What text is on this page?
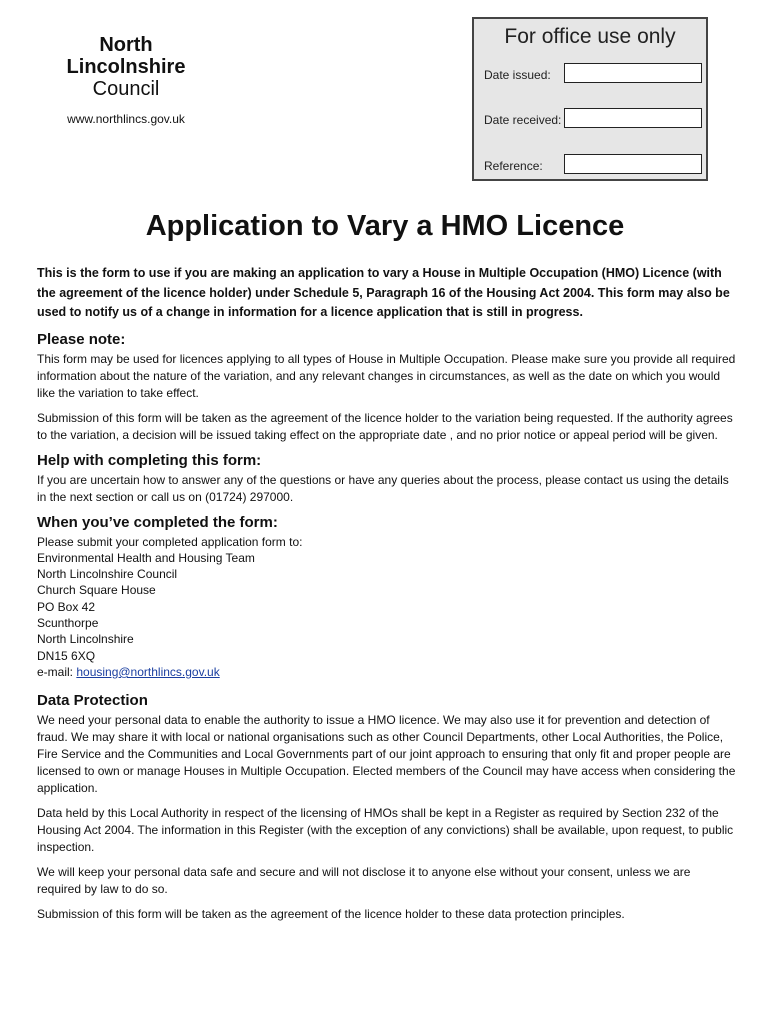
North
Lincolnshire
Council
www.northlincs.gov.uk
For office use only
Date issued:
Date received:
Reference:
Application to Vary a HMO Licence

This is the form to use if you are making an application to vary a House in Multiple Occupation (HMO) Licence (with the agreement of the licence holder) under Schedule 5, Paragraph 16 of the Housing Act 2004. This form may also be used to notify us of a change in information for a licence application that is still in progress.

Please note:

This form may be used for licences applying to all types of House in Multiple Occupation. Please make sure you provide all required information about the nature of the variation, and any relevant changes in circumstances, as well as the date on which you would like the variation to take effect.

Submission of this form will be taken as the agreement of the licence holder to the variation being requested. If the authority agrees to the variation, a decision will be issued taking effect on the appropriate date , and no prior notice or appeal period will be given.

Help with completing this form:

If you are uncertain how to answer any of the questions or have any queries about the process, please contact us using the details in the next section or call us on (01724) 297000.

When you’ve completed the form:
Please submit your completed application form to:
Environmental Health and Housing Team
North Lincolnshire Council
Church Square House
PO Box 42
Scunthorpe
North Lincolnshire
DN15 6XQ
e-mail: housing@northlincs.gov.uk
Data Protection

We need your personal data to enable the authority to issue a HMO licence. We may also use it for prevention and detection of fraud. We may share it with local or national organisations such as other Council Departments, other Local Authorities, the Police, Fire Service and the Communities and Local Governments part of our joint approach to ensuring that only fit and proper people are licensed to own or manage Houses in Multiple Occupation. Elected members of the Council may have access when considering the application.

Data held by this Local Authority in respect of the licensing of HMOs shall be kept in a Register as required by Section 232 of the Housing Act 2004. The information in this Register (with the exception of any convictions) shall be available, upon request, to public inspection.

We will keep your personal data safe and secure and will not disclose it to anyone else without your consent, unless we are required by law to do so.

Submission of this form will be taken as the agreement of the licence holder to these data protection principles.
